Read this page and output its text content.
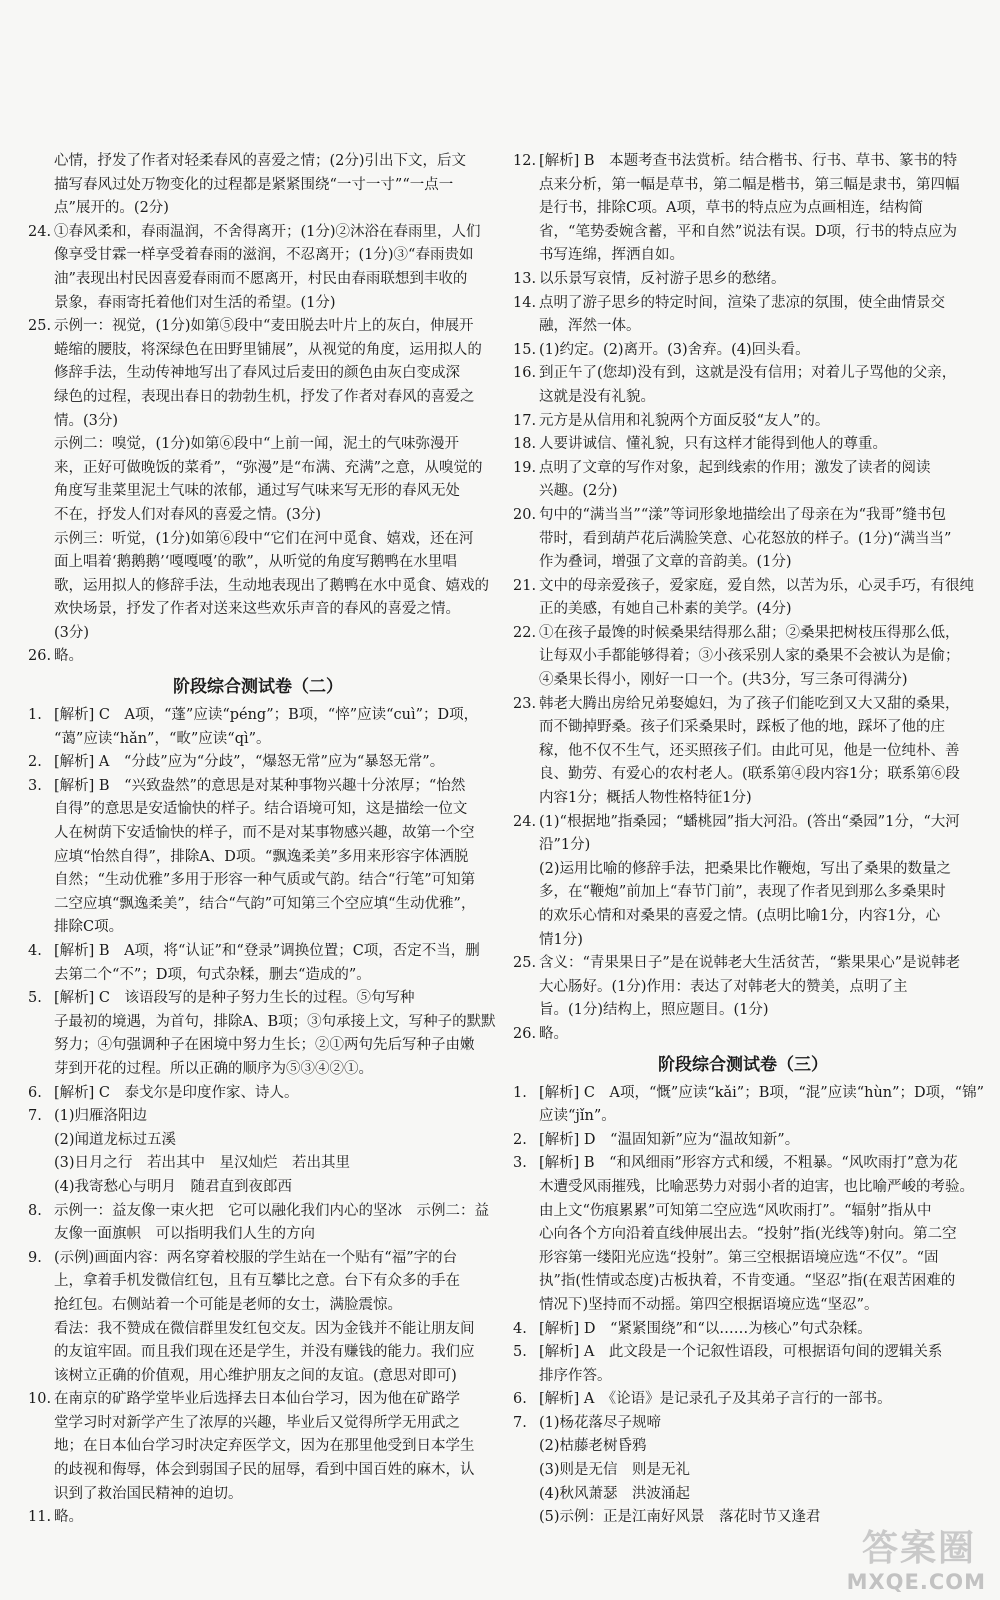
心情，抒发了作者对轻柔春风的喜爱之情；(2分)引出下文，后文
描写春风过处万物变化的过程都是紧紧围绕“一寸一寸”“一点一
点”展开的。(2分)
24. ①春风柔和，春雨温润，不舍得离开；(1分)②沐浴在春雨里，人们
像享受甘霖一样享受着春雨的滋润，不忍离开；(1分)③“春雨贵如
油”表现出村民因喜爱春雨而不愿离开，村民由春雨联想到丰收的
景象，春雨寄托着他们对生活的希望。(1分)
25. 示例一：视觉，(1分)如第⑤段中“麦田脱去叶片上的灰白，伸展开
蜷缩的腰肢，将深绿色在田野里铺展”，从视觉的角度，运用拟人的
修辞手法，生动传神地写出了春风过后麦田的颜色由灰白变成深
绿色的过程，表现出春日的勃勃生机，抒发了作者对春风的喜爱之
情。(3分)
示例二：嗅觉，(1分)如第⑥段中“上前一闻，泥土的气味弥漫开
来，正好可做晚饭的菜肴”，“弥漫”是“布满、充满”之意，从嗅觉的
角度写韭菜里泥土气味的浓郁，通过写气味来写无形的春风无处
不在，抒发人们对春风的喜爱之情。(3分)
示例三：听觉，(1分)如第⑥段中“它们在河中觅食、嬉戏，还在河
面上唱着‘鹅鹅鹅’‘嘎嘎嘎’的歌”，从听觉的角度写鹅鸭在水里唱
歌，运用拟人的修辞手法，生动地表现出了鹅鸭在水中觅食、嬉戏的
欢快场景，抒发了作者对送来这些欢乐声音的春风的喜爱之情。
(3分)
26. 略。
阶段综合测试卷（二）
1. [解析] C　A项，“蓬”应读“péng”；B项，“悴”应读“cuì”；D项，
“蔼”应读“hǎn”，“畋”应读“qì”。
2. [解析] A　“分歧”应为“分歧”，“爆怒无常”应为“暴怒无常”。
3. [解析] B　“兴致盎然”的意思是对某种事物兴趣十分浓厚；“怡然
自得”的意思是安适愉快的样子。结合语境可知，这是描绘一位文
人在树荫下安适愉快的样子，而不是对某事物感兴趣，故第一个空
应填“怡然自得”，排除A、D项。“飘逸柔美”多用来形容字体洒脱
自然；“生动优雅”多用于形容一种气质或气韵。结合“行笔”可知第
二空应填“飘逸柔美”，结合“气韵”可知第三个空应填“生动优雅”，
排除C项。
4. [解析] B　A项，将“认证”和“登录”调换位置；C项，否定不当，删
去第二个“不”；D项，句式杂糅，删去“造成的”。
5. [解析] C　该语段写的是种子努力生长的过程。⑤句写种
子最初的境遇，为首句，排除A、B项；③句承接上文，写种子的默默
努力；④句强调种子在困境中努力生长；②①两句先后写种子由嫩
芽到开花的过程。所以正确的顺序为⑤③④②①。
6. [解析] C　泰戈尔是印度作家、诗人。
7. (1)归雁洛阳边
(2)闻道龙标过五溪
(3)日月之行　若出其中　星汉灿烂　若出其里
(4)我寄愁心与明月　随君直到夜郎西
8. 示例一：益友像一束火把　它可以融化我们内心的坚冰　示例二：益
友像一面旗帜　可以指明我们人生的方向
9. (示例)画面内容：两名穿着校服的学生站在一个贴有“福”字的台
上，拿着手机发微信红包，且有互攀比之意。台下有众多的手在
抢红包。右侧站着一个可能是老师的女士，满脸震惊。
看法：我不赞成在微信群里发红包交友。因为金钱并不能让朋友间
的友谊牢固。而且我们现在还是学生，并没有赚钱的能力。我们应
该树立正确的价值观，用心维护朋友之间的友谊。(意思对即可)
10. 在南京的矿路学堂毕业后选择去日本仙台学习，因为他在矿路学
堂学习时对新学产生了浓厚的兴趣，毕业后又觉得所学无用武之
地；在日本仙台学习时决定弃医学文，因为在那里他受到日本学生
的歧视和侮辱，体会到弱国子民的屈辱，看到中国百姓的麻木，认
识到了救治国民精神的迫切。
11. 略。
12. [解析] B　本题考查书法赏析。结合楷书、行书、草书、篆书的特
点来分析，第一幅是草书，第二幅是楷书，第三幅是隶书，第四幅
是行书，排除C项。A项，草书的特点应为点画相连，结构简
省，“笔势委婉含蓄，平和自然”说法有误。D项，行书的特点应为
书写连绵，挥洒自如。
13. 以乐景写哀情，反衬游子思乡的愁绪。
14. 点明了游子思乡的特定时间，渲染了悲凉的氛围，使全曲情景交
融，浑然一体。
15. (1)约定。(2)离开。(3)舍弃。(4)回头看。
16. 到正午了(您却)没有到，这就是没有信用；对着儿子骂他的父亲，
这就是没有礼貌。
17. 元方是从信用和礼貌两个方面反驳“友人”的。
18. 人要讲诚信、懂礼貌，只有这样才能得到他人的尊重。
19. 点明了文章的写作对象，起到线索的作用；激发了读者的阅读
兴趣。(2分)
20. 句中的“满当当”“漾”等词形象地描绘出了母亲在为“我哥”缝书包
带时，看到葫芦花后满脸笑意、心花怒放的样子。(1分)“满当当”
作为叠词，增强了文章的音韵美。(1分)
21. 文中的母亲爱孩子，爱家庭，爱自然，以苦为乐，心灵手巧，有很纯
正的美感，有她自己朴素的美学。(4分)
22. ①在孩子最馋的时候桑果结得那么甜；②桑果把树枝压得那么低，
让每双小手都能够得着；③小孩采别人家的桑果不会被认为是偷；
④桑果长得小，刚好一口一个。(共3分，写三条可得满分)
23. 韩老大腾出房给兄弟娶媳妇，为了孩子们能吃到又大又甜的桑果，
而不锄掉野桑。孩子们采桑果时，踩板了他的地，踩坏了他的庄
稼，他不仅不生气，还买照孩子们。由此可见，他是一位纯朴、善
良、勤劳、有爱心的农村老人。(联系第④段内容1分；联系第⑥段
内容1分；概括人物性格特征1分)
24. (1)“根据地”指桑园；“蟠桃园”指大河沿。(答出“桑园”1分，“大河
沿”1分)
(2)运用比喻的修辞手法，把桑果比作鞭炮，写出了桑果的数量之
多，在“鞭炮”前加上“春节门前”，表现了作者见到那么多桑果时
的欢乐心情和对桑果的喜爱之情。(点明比喻1分，内容1分，心
情1分)
25. 含义：“青果果日子”是在说韩老大生活贫苦，“紫果果心”是说韩老
大心肠好。(1分)作用：表达了对韩老大的赞美，点明了主
旨。(1分)结构上，照应题目。(1分)
26. 略。
阶段综合测试卷（三）
1. [解析] C　A项，“慨”应读“kǎi”；B项，“混”应读“hùn”；D项，“锦”
应读“jǐn”。
2. [解析] D　“温固知新”应为“温故知新”。
3. [解析] B　“和风细雨”形容方式和缓，不粗暴。“风吹雨打”意为花
木遭受风雨摧残，比喻恶势力对弱小者的迫害，也比喻严峻的考验。
由上文“伤痕累累”可知第二空应选“风吹雨打”。“辐射”指从中
心向各个方向沿着直线伸展出去。“投射”指(光线等)射向。第二空
形容第一缕阳光应选“投射”。第三空根据语境应选“不仅”。“固
执”指(性情或态度)古板执着，不肯变通。“坚忍”指(在艰苦困难的
情况下)坚持而不动摇。第四空根据语境应选“坚忍”。
4. [解析] D　“紧紧围绕”和“以……为核心”句式杂糅。
5. [解析] A　此文段是一个记叙性语段，可根据语句间的逻辑关系
排序作答。
6. [解析] A　《论语》是记录孔子及其弟子言行的一部书。
7. (1)杨花落尽子规啼
(2)枯藤老树昏鸦
(3)则是无信　则是无礼
(4)秋风萧瑟　洪波涌起
(5)示例：正是江南好风景　落花时节又逢君
答案圈
MXQE.COM
